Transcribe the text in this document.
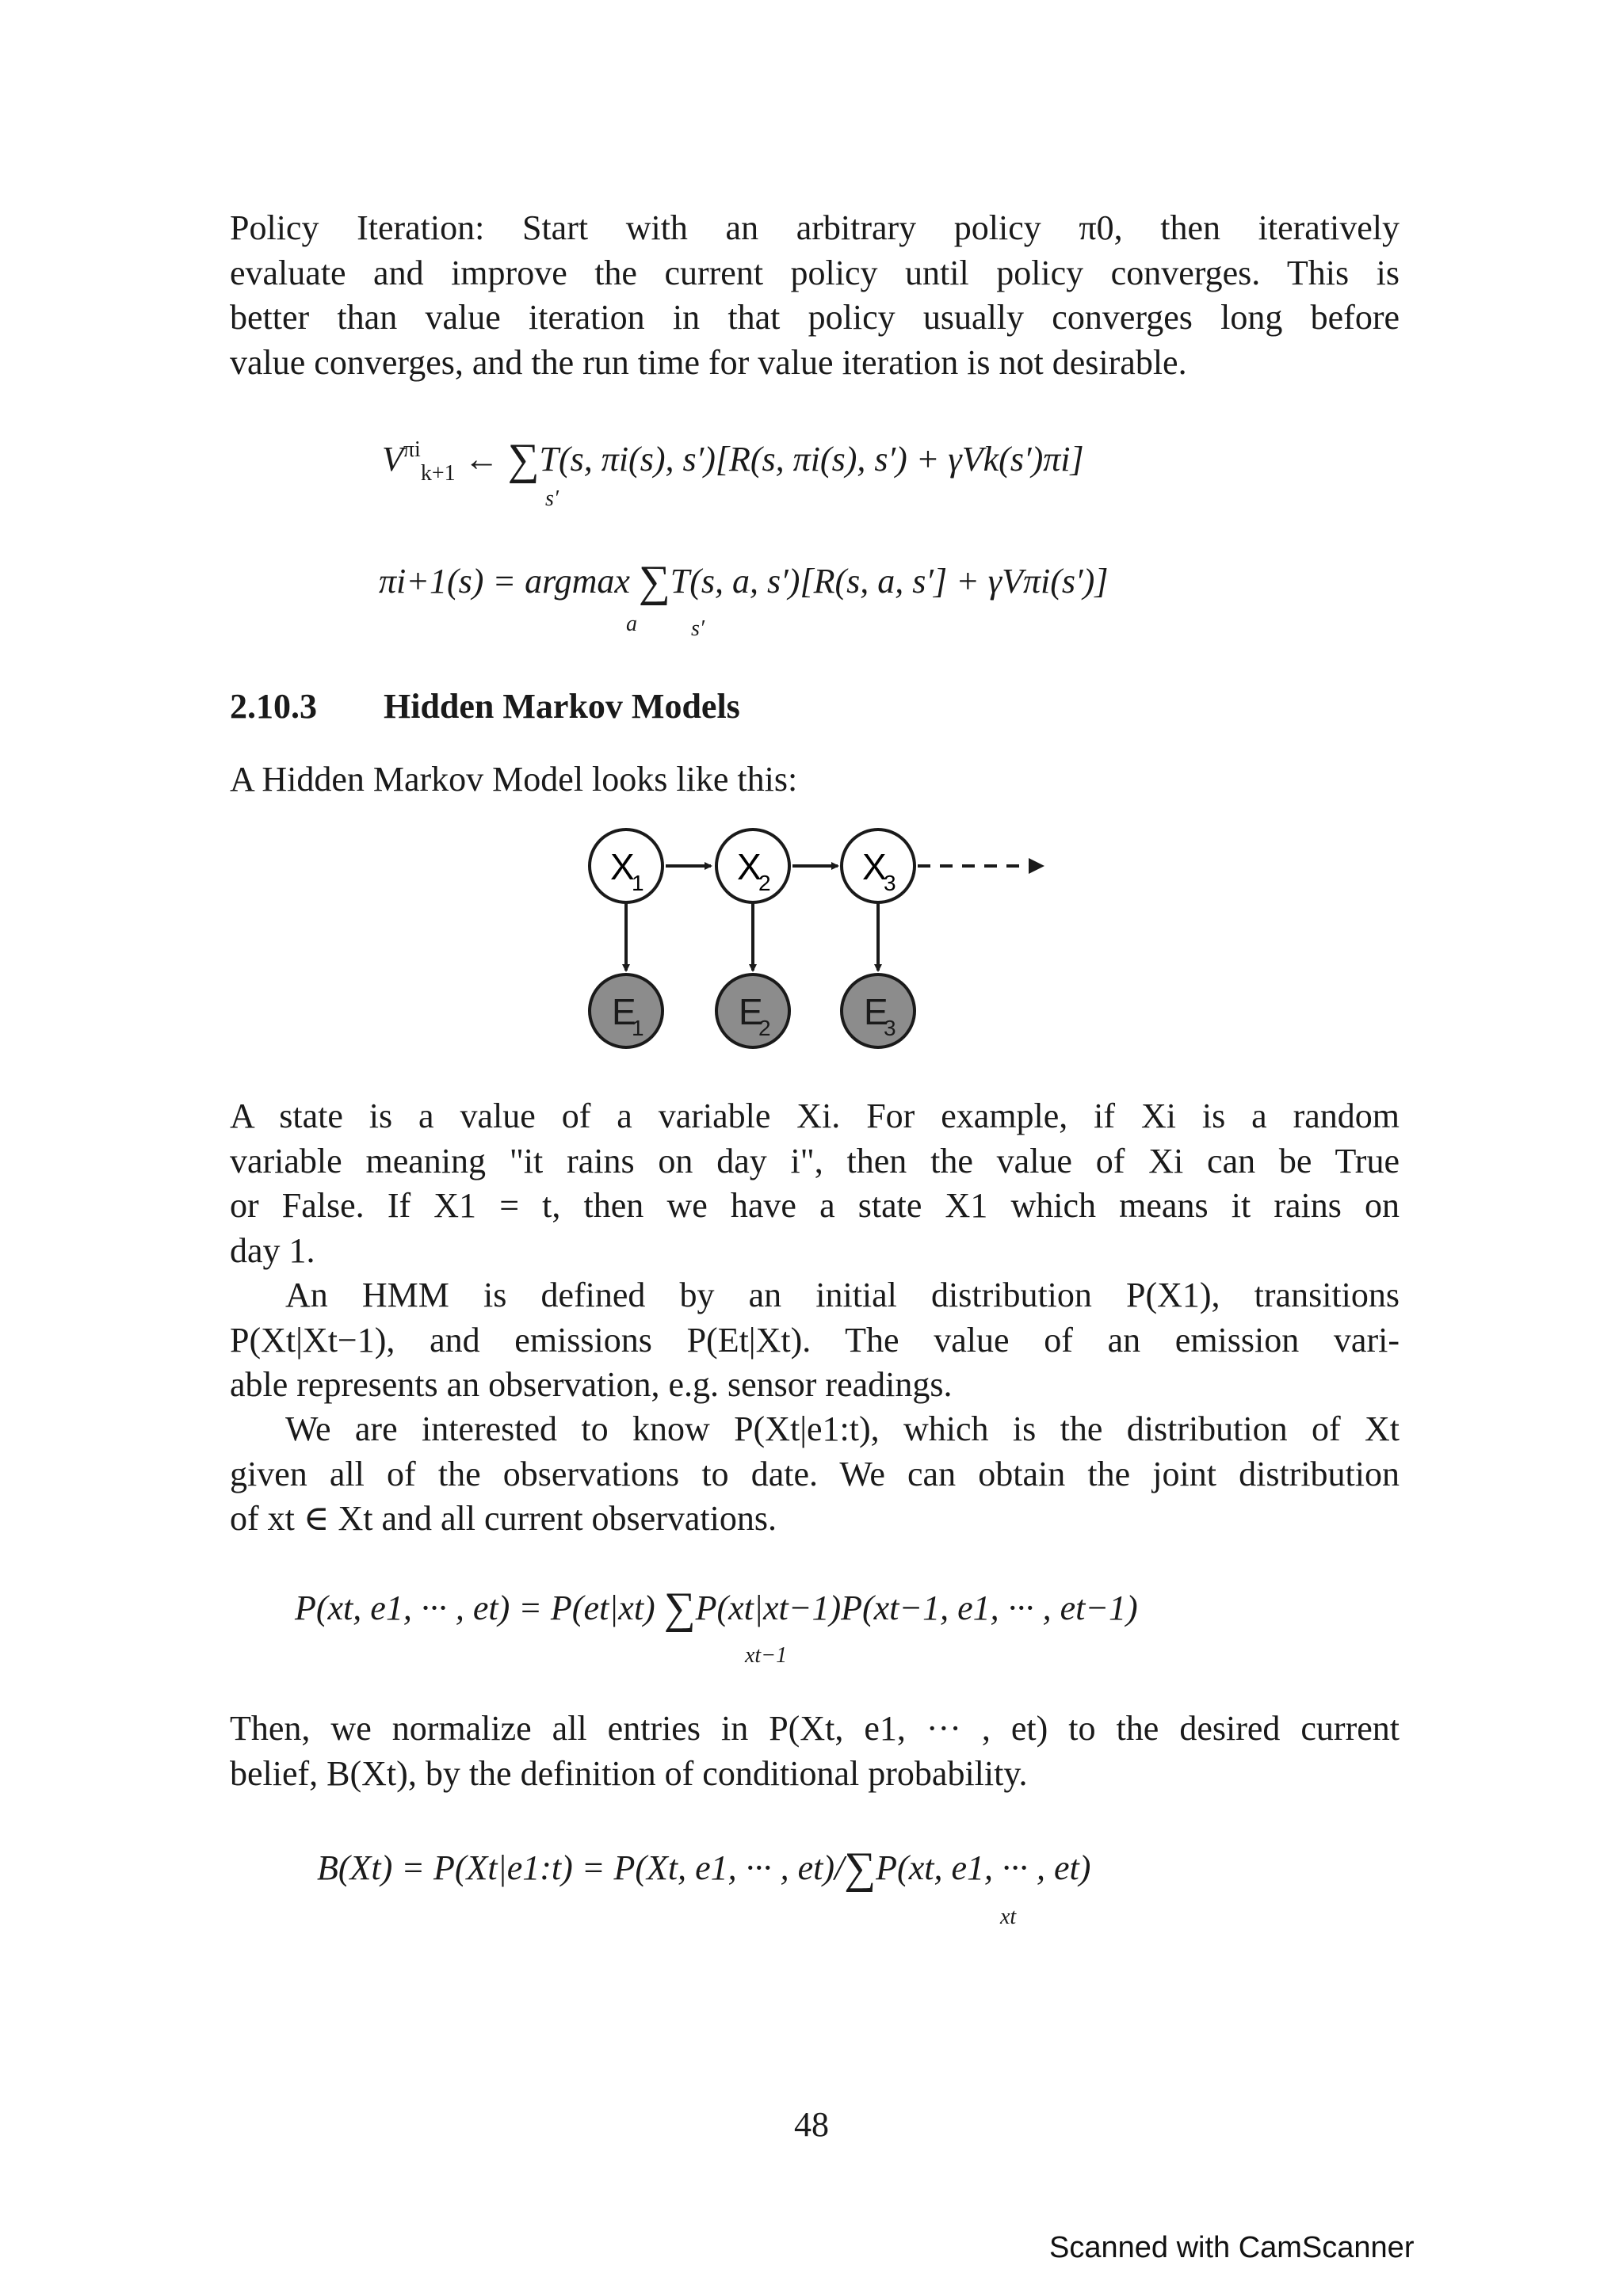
Policy Iteration: Start with an arbitrary policy π0, then iteratively
evaluate and improve the current policy until policy converges. This is
better than value iteration in that policy usually converges long before
value converges, and the run time for value iteration is not desirable.
$V^{\pi i}_{k+1}$ ← ∑T(s, πi(s), s′)[R(s, πi(s), s′) + γVk(s′)πi]
s′
πi+1(s) = argmax ∑T(s, a, s′)[R(s, a, s′] + γVπi(s′)]
a s′
2.10.3 Hidden Markov Models
A Hidden Markov Model looks like this:
X
1	X
2	X
3
E
1	E
2	E
3
A state is a value of a variable Xi. For example, if Xi is a random
variable meaning "it rains on day i", then the value of Xi can be True
or False. If X1 = t, then we have a state X1 which means it rains on
day 1.
An HMM is defined by an initial distribution P(X1), transitions
P(Xt|Xt−1), and emissions P(Et|Xt). The value of an emission vari-
able represents an observation, e.g. sensor readings.
We are interested to know P(Xt|e1:t), which is the distribution of Xt
given all of the observations to date. We can obtain the joint distribution
of xt ∈ Xt and all current observations.
P(xt, e1, ··· , et) = P(et|xt) ∑P(xt|xt−1)P(xt−1, e1, ··· , et−1)
xt−1
Then, we normalize all entries in P(Xt, e1, ··· , et) to the desired current
belief, B(Xt), by the definition of conditional probability.
B(Xt) = P(Xt|e1:t) = P(Xt, e1, ··· , et)/∑P(xt, e1, ··· , et)
xt
48
Scanned with CamScanner
